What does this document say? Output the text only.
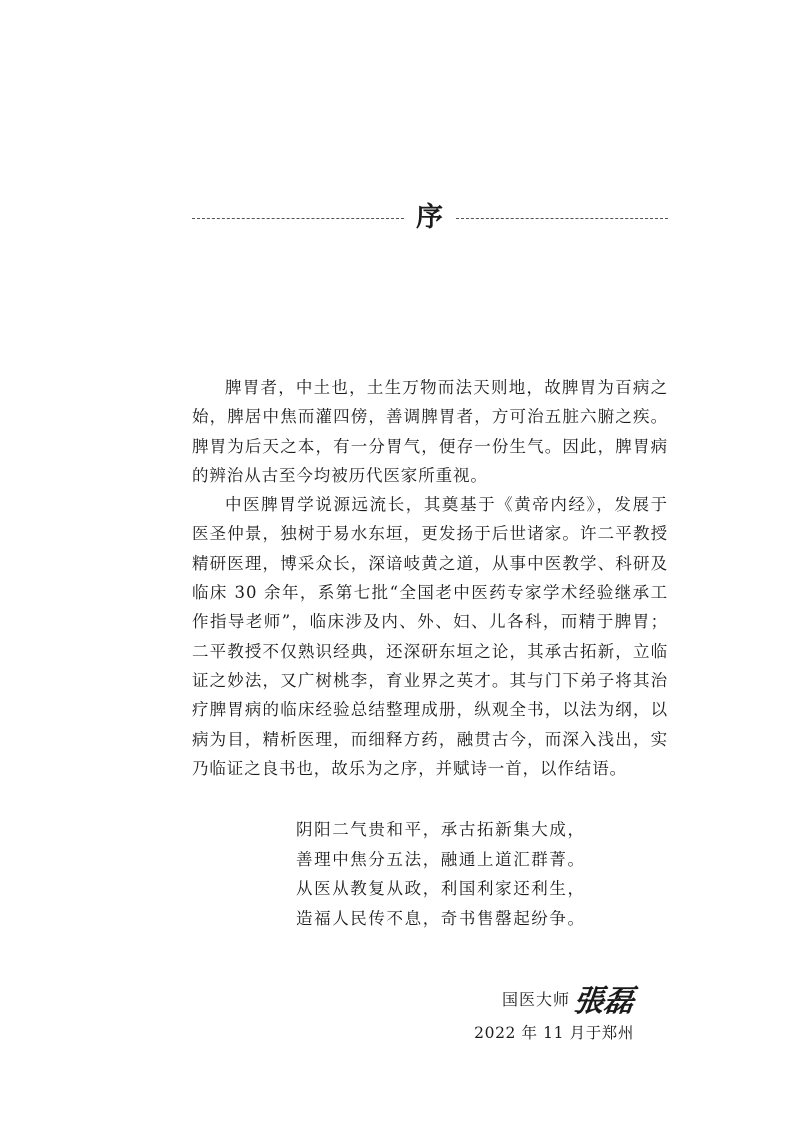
序

脾胃者，中土也，土生万物而法天则地，故脾胃为百病之始，脾居中焦而灌四傍，善调脾胃者，方可治五脏六腑之疾。脾胃为后天之本，有一分胃气，便存一份生气。因此，脾胃病的辨治从古至今均被历代医家所重视。

中医脾胃学说源远流长，其奠基于《黄帝内经》，发展于医圣仲景，独树于易水东垣，更发扬于后世诸家。许二平教授精研医理，博采众长，深谙岐黄之道，从事中医教学、科研及临床 30 余年，系第七批“全国老中医药专家学术经验继承工作指导老师”，临床涉及内、外、妇、儿各科，而精于脾胃；二平教授不仅熟识经典，还深研东垣之论，其承古拓新，立临证之妙法，又广树桃李，育业界之英才。其与门下弟子将其治疗脾胃病的临床经验总结整理成册，纵观全书，以法为纲，以病为目，精析医理，而细释方药，融贯古今，而深入浅出，实乃临证之良书也，故乐为之序，并赋诗一首，以作结语。

阴阳二气贵和平，承古拓新集大成，
善理中焦分五法，融通上道汇群菁。
从医从教复从政，利国利家还利生，
造福人民传不息，奇书售罄起纷争。
国医大师 張磊
2022 年 11 月于郑州
